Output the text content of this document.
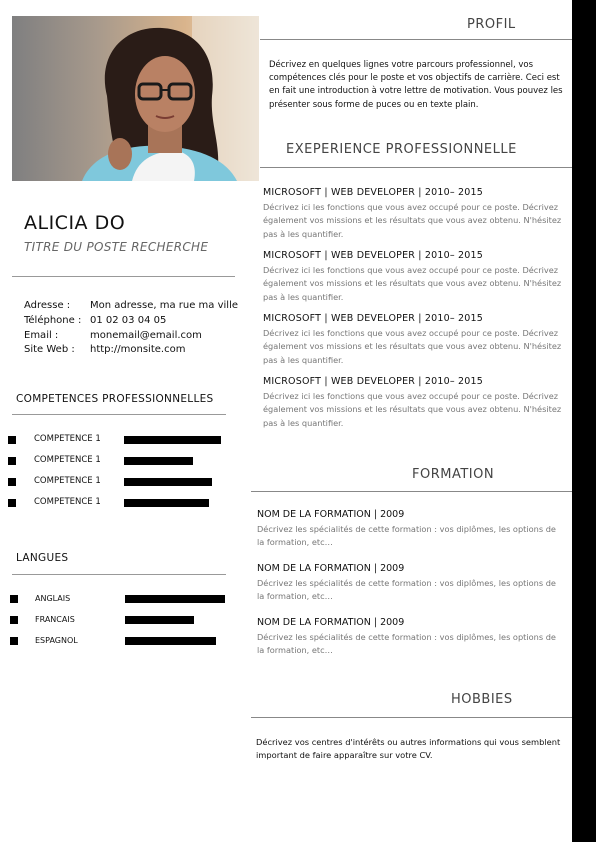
ALICIA DO
TITRE DU POSTE RECHERCHE
Adresse :	Mon adresse, ma rue ma ville
Téléphone : 01 02 03 04 05
Email :	monemail@email.com
Site Web :	http://monsite.com
COMPETENCES PROFESSIONNELLES
COMPETENCE 1
COMPETENCE 1
COMPETENCE 1
COMPETENCE 1
LANGUES
ANGLAIS
FRANCAIS
ESPAGNOL
PROFIL
Décrivez en quelques lignes votre parcours professionnel, vos compétences clés pour le poste et vos objectifs de carrière. Ceci est en fait une introduction à votre lettre de motivation. Vous pouvez les présenter sous forme de puces ou en texte plain.
EXEPERIENCE PROFESSIONNELLE
MICROSOFT | WEB DEVELOPER | 2010– 2015
Décrivez ici les fonctions que vous avez occupé pour ce poste. Décrivez également vos missions et les résultats que vous avez obtenu. N'hésitez pas à les quantifier.
MICROSOFT | WEB DEVELOPER | 2010– 2015
Décrivez ici les fonctions que vous avez occupé pour ce poste. Décrivez également vos missions et les résultats que vous avez obtenu. N'hésitez pas à les quantifier.
MICROSOFT | WEB DEVELOPER | 2010– 2015
Décrivez ici les fonctions que vous avez occupé pour ce poste. Décrivez également vos missions et les résultats que vous avez obtenu. N'hésitez pas à les quantifier.
MICROSOFT | WEB DEVELOPER | 2010– 2015
Décrivez ici les fonctions que vous avez occupé pour ce poste. Décrivez également vos missions et les résultats que vous avez obtenu. N'hésitez pas à les quantifier.
FORMATION
NOM DE LA FORMATION | 2009
Décrivez les spécialités de cette formation : vos diplômes, les options de la formation, etc…
NOM DE LA FORMATION | 2009
Décrivez les spécialités de cette formation : vos diplômes, les options de la formation, etc…
NOM DE LA FORMATION | 2009
Décrivez les spécialités de cette formation : vos diplômes, les options de la formation, etc…
HOBBIES
Décrivez vos centres d'intérêts ou autres informations qui vous semblent important de faire apparaître sur votre CV.
